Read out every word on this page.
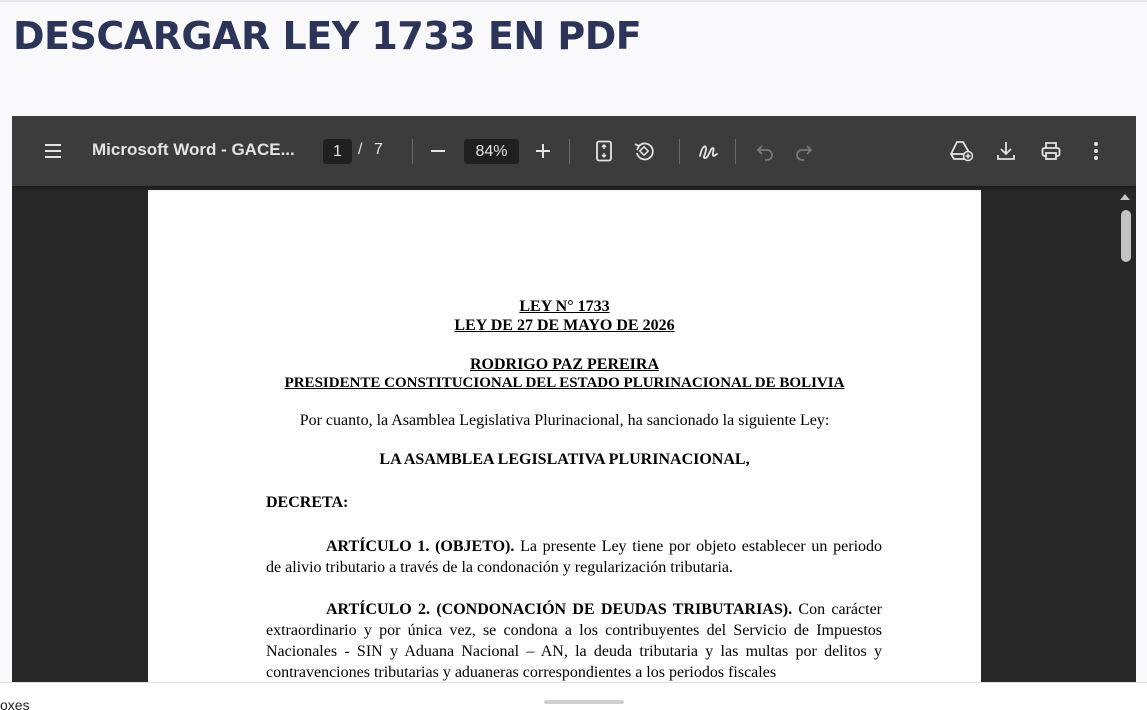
DESCARGAR LEY 1733 EN PDF
Microsoft Word - GACE...	1	/ 7	84%
LEY N° 1733
LEY DE 27 DE MAYO DE 2026
RODRIGO PAZ PEREIRA
PRESIDENTE CONSTITUCIONAL DEL ESTADO PLURINACIONAL DE BOLIVIA
Por cuanto, la Asamblea Legislativa Plurinacional, ha sancionado la siguiente Ley:
LA ASAMBLEA LEGISLATIVA PLURINACIONAL,
DECRETA:
ARTÍCULO 1. (OBJETO). La presente Ley tiene por objeto establecer un periodo de alivio tributario a través de la condonación y regularización tributaria.
ARTÍCULO 2. (CONDONACIÓN DE DEUDAS TRIBUTARIAS). Con carácter extraordinario y por única vez, se condona a los contribuyentes del Servicio de Impuestos Nacionales - SIN y Aduana Nacional – AN, la deuda tributaria y las multas por delitos y contravenciones tributarias y aduaneras correspondientes a los periodos fiscales
oxes
